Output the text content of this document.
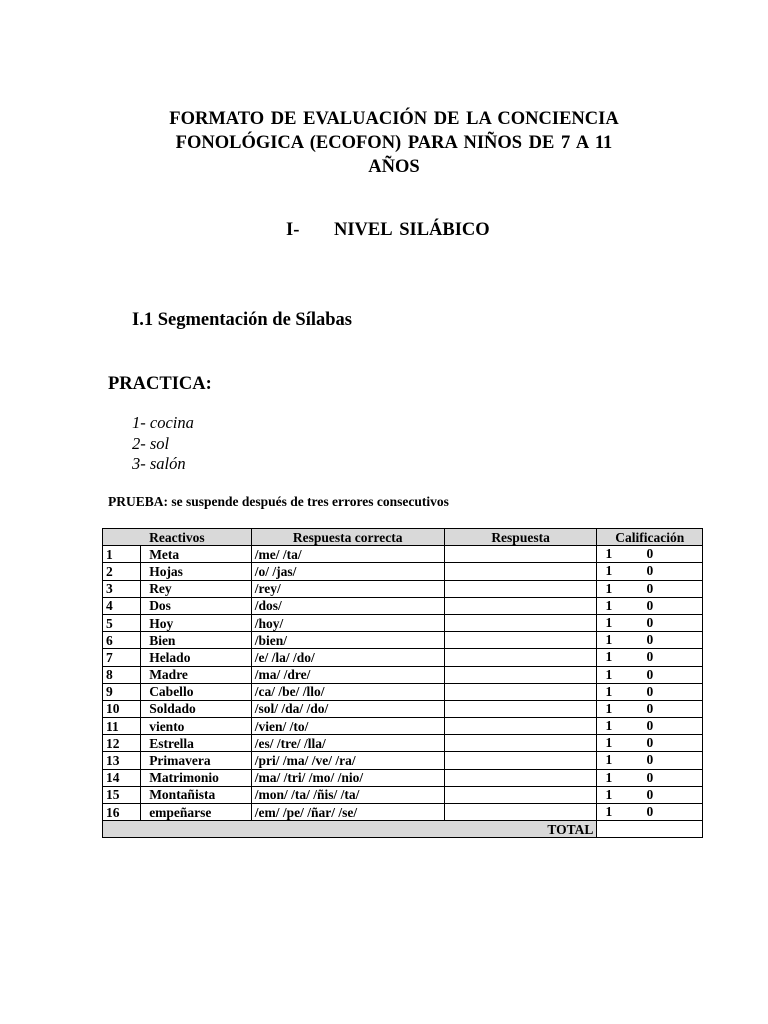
FORMATO DE EVALUACIÓN DE LA CONCIENCIA
FONOLÓGICA (ECOFON) PARA NIÑOS DE 7 A 11
AÑOS
I- NIVEL SILÁBICO
I.1 Segmentación de Sílabas
PRACTICA:
1- cocina
2- sol
3- salón
PRUEBA: se suspende después de tres errores consecutivos
Reactivos		Respuesta correcta	Respuesta	Calificación
1	Meta	/me/ /ta/		1 0

2	Hojas	/o/ /jas/		1 0

3	Rey	/rey/		1 0

4	Dos	/dos/		1 0

5	Hoy	/hoy/		1 0

6	Bien	/bien/		1 0

7	Helado	/e/ /la/ /do/		1 0

8	Madre	/ma/ /dre/		1 0

9	Cabello	/ca/ /be/ /llo/		1 0

10	Soldado	/sol/ /da/ /do/		1 0

11	viento	/vien/ /to/		1 0

12	Estrella	/es/ /tre/ /lla/		1 0

13	Primavera	/pri/ /ma/ /ve/ /ra/		1 0

14	Matrimonio	/ma/ /tri/ /mo/ /nio/		1 0

15	Montañista	/mon/ /ta/ /ñis/ /ta/		1 0

16	empeñarse	/em/ /pe/ /ñar/ /se/		1 0

TOTAL				
